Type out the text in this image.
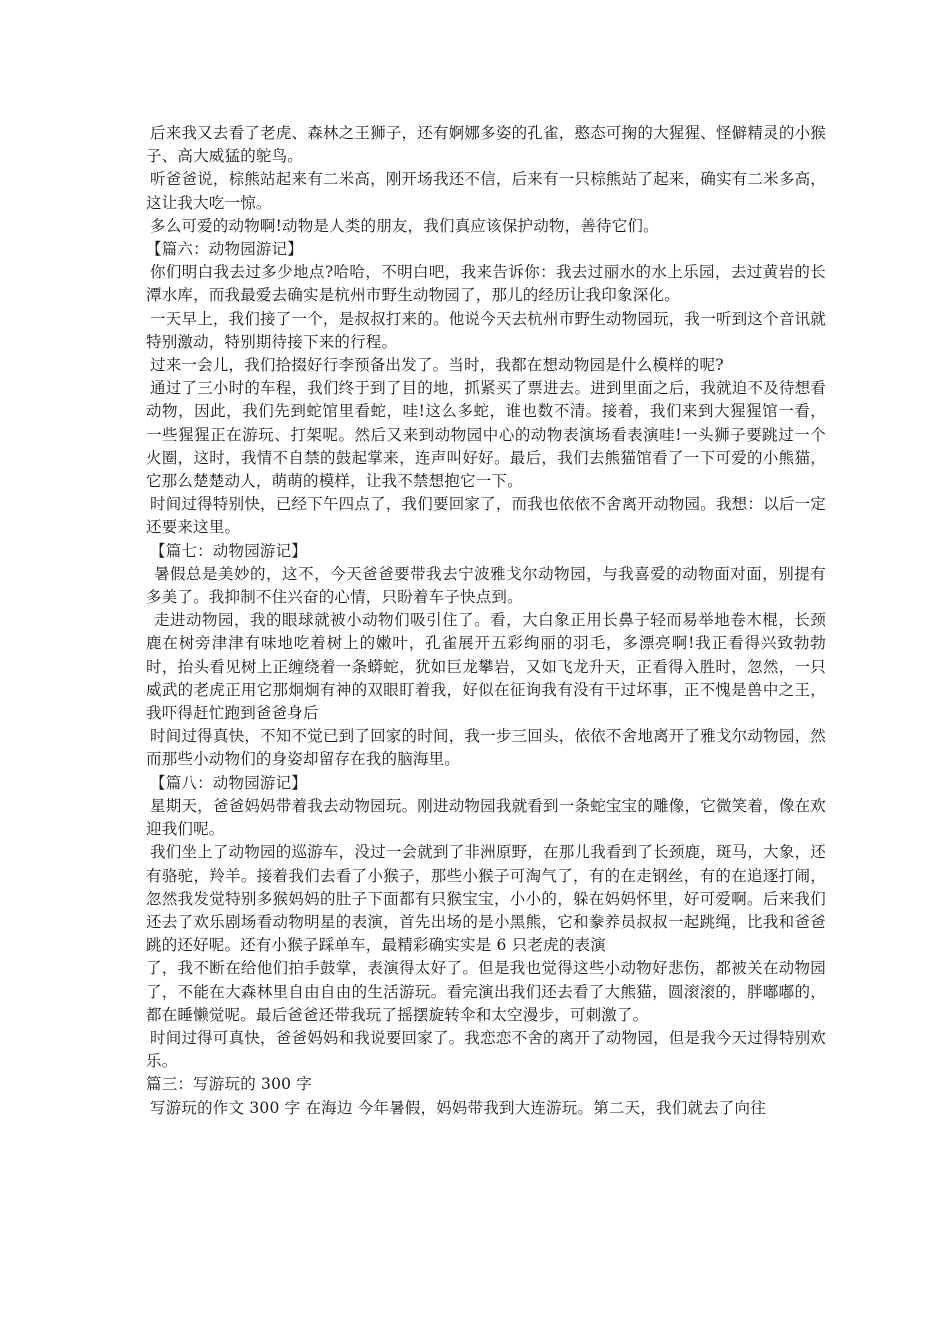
后来我又去看了老虎、森林之王狮子，还有婀娜多姿的孔雀，憨态可掬的大猩猩、怪僻精灵的小猴子、高大威猛的鸵鸟。

听爸爸说，棕熊站起来有二米高，刚开场我还不信，后来有一只棕熊站了起来，确实有二米多高，这让我大吃一惊。

多么可爱的动物啊!动物是人类的朋友，我们真应该保护动物，善待它们。

【篇六：动物园游记】

你们明白我去过多少地点?哈哈，不明白吧，我来告诉你：我去过丽水的水上乐园，去过黄岩的长潭水库，而我最爱去确实是杭州市野生动物园了，那儿的经历让我印象深化。

一天早上，我们接了一个，是叔叔打来的。他说今天去杭州市野生动物园玩，我一听到这个音讯就特别激动，特别期待接下来的行程。

过来一会儿，我们拾掇好行李预备出发了。当时，我都在想动物园是什么模样的呢?

通过了三小时的车程，我们终于到了目的地，抓紧买了票进去。进到里面之后，我就迫不及待想看动物，因此，我们先到蛇馆里看蛇，哇!这么多蛇，谁也数不清。接着，我们来到大猩猩馆一看，一些猩猩正在游玩、打架呢。然后又来到动物园中心的动物表演场看表演哇!一头狮子要跳过一个火圈，这时，我情不自禁的鼓起掌来，连声叫好好。最后，我们去熊猫馆看了一下可爱的小熊猫，它那么楚楚动人，萌萌的模样，让我不禁想抱它一下。

时间过得特别快，已经下午四点了，我们要回家了，而我也依依不舍离开动物园。我想：以后一定还要来这里。

【篇七：动物园游记】

暑假总是美妙的，这不，今天爸爸要带我去宁波雅戈尔动物园，与我喜爱的动物面对面，别提有多美了。我抑制不住兴奋的心情，只盼着车子快点到。

走进动物园，我的眼球就被小动物们吸引住了。看，大白象正用长鼻子轻而易举地卷木棍，长颈鹿在树旁津津有味地吃着树上的嫩叶，孔雀展开五彩绚丽的羽毛，多漂亮啊!我正看得兴致勃勃时，抬头看见树上正缠绕着一条蟒蛇，犹如巨龙攀岩，又如飞龙升天，正看得入胜时，忽然，一只威武的老虎正用它那炯炯有神的双眼盯着我，好似在征询我有没有干过坏事，正不愧是兽中之王，我吓得赶忙跑到爸爸身后

时间过得真快，不知不觉已到了回家的时间，我一步三回头，依依不舍地离开了雅戈尔动物园，然而那些小动物们的身姿却留存在我的脑海里。

【篇八：动物园游记】

星期天，爸爸妈妈带着我去动物园玩。刚进动物园我就看到一条蛇宝宝的雕像，它微笑着，像在欢迎我们呢。

我们坐上了动物园的巡游车，没过一会就到了非洲原野，在那儿我看到了长颈鹿，斑马，大象，还有骆驼，羚羊。接着我们去看了小猴子，那些小猴子可淘气了，有的在走钢丝，有的在追逐打闹，忽然我发觉特别多猴妈妈的肚子下面都有只猴宝宝，小小的，躲在妈妈怀里，好可爱啊。后来我们还去了欢乐剧场看动物明星的表演，首先出场的是小黑熊，它和豢养员叔叔一起跳绳，比我和爸爸跳的还好呢。还有小猴子踩单车，最精彩确实实是 6 只老虎的表演

了，我不断在给他们拍手鼓掌，表演得太好了。但是我也觉得这些小动物好悲伤，都被关在动物园了，不能在大森林里自由自由的生活游玩。看完演出我们还去看了大熊猫，圆滚滚的，胖嘟嘟的，都在睡懒觉呢。最后爸爸还带我玩了摇摆旋转伞和太空漫步，可刺激了。

时间过得可真快，爸爸妈妈和我说要回家了。我恋恋不舍的离开了动物园，但是我今天过得特别欢乐。

篇三：写游玩的 300 字

写游玩的作文 300 字 在海边 今年暑假，妈妈带我到大连游玩。第二天，我们就去了向往
